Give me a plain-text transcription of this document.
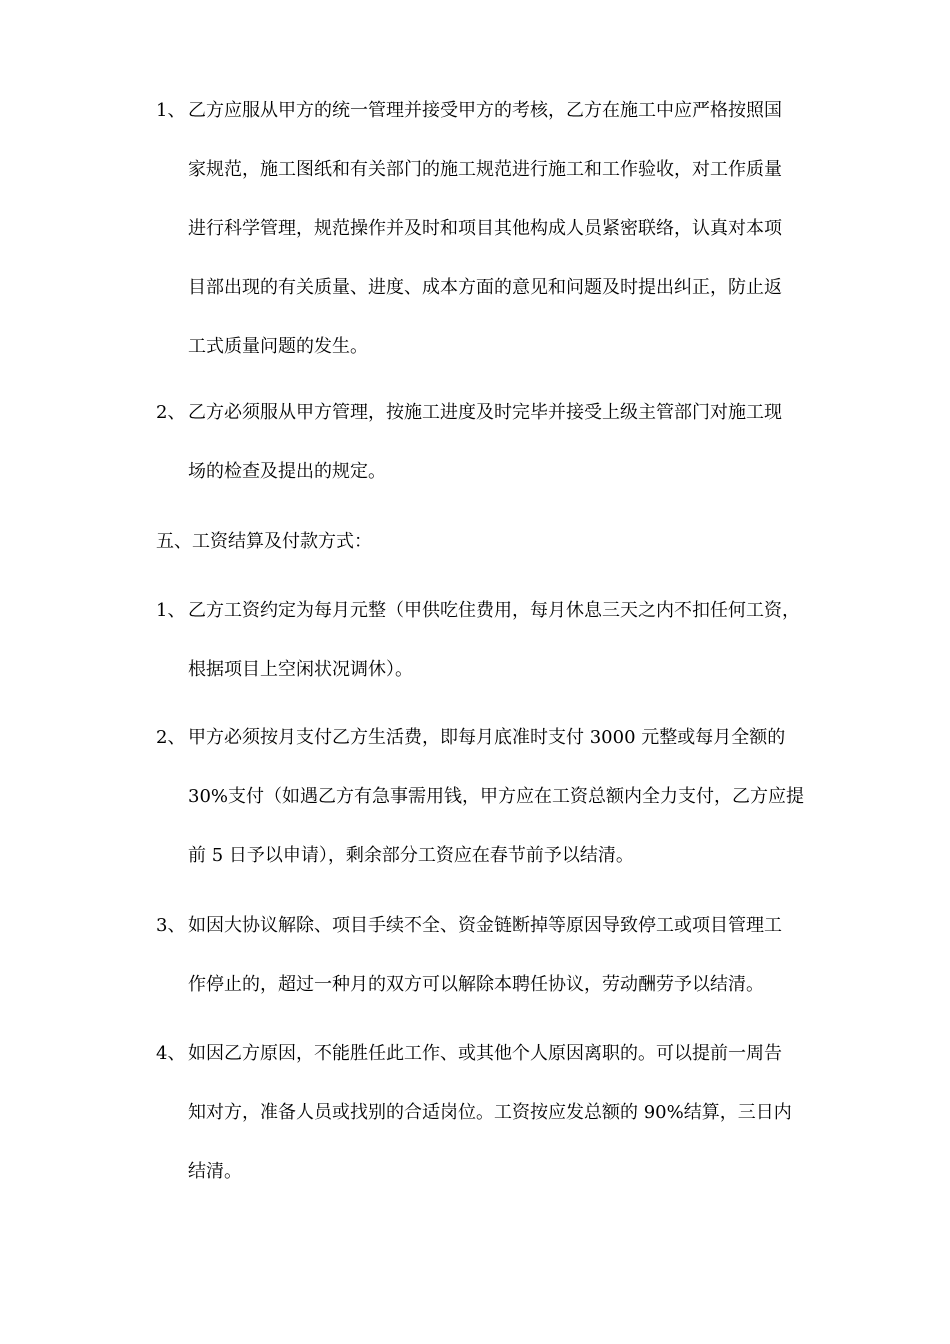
1、 乙方应服从甲方的统一管理并接受甲方的考核，乙方在施工中应严格按照国
家规范，施工图纸和有关部门的施工规范进行施工和工作验收，对工作质量
进行科学管理，规范操作并及时和项目其他构成人员紧密联络，认真对本项
目部出现的有关质量、进度、成本方面的意见和问题及时提出纠正，防止返
工式质量问题的发生。
2、 乙方必须服从甲方管理，按施工进度及时完毕并接受上级主管部门对施工现
场的检查及提出的规定。
五、工资结算及付款方式：
1、 乙方工资约定为每月元整（甲供吃住费用，每月休息三天之内不扣任何工资，
根据项目上空闲状况调休）。
2、 甲方必须按月支付乙方生活费，即每月底准时支付 3000 元整或每月全额的
30%支付（如遇乙方有急事需用钱，甲方应在工资总额内全力支付，乙方应提
前 5 日予以申请），剩余部分工资应在春节前予以结清。
3、 如因大协议解除、项目手续不全、资金链断掉等原因导致停工或项目管理工
作停止的，超过一种月的双方可以解除本聘任协议，劳动酬劳予以结清。
4、 如因乙方原因，不能胜任此工作、或其他个人原因离职的。可以提前一周告
知对方，准备人员或找别的合适岗位。工资按应发总额的 90%结算，三日内
结清。
